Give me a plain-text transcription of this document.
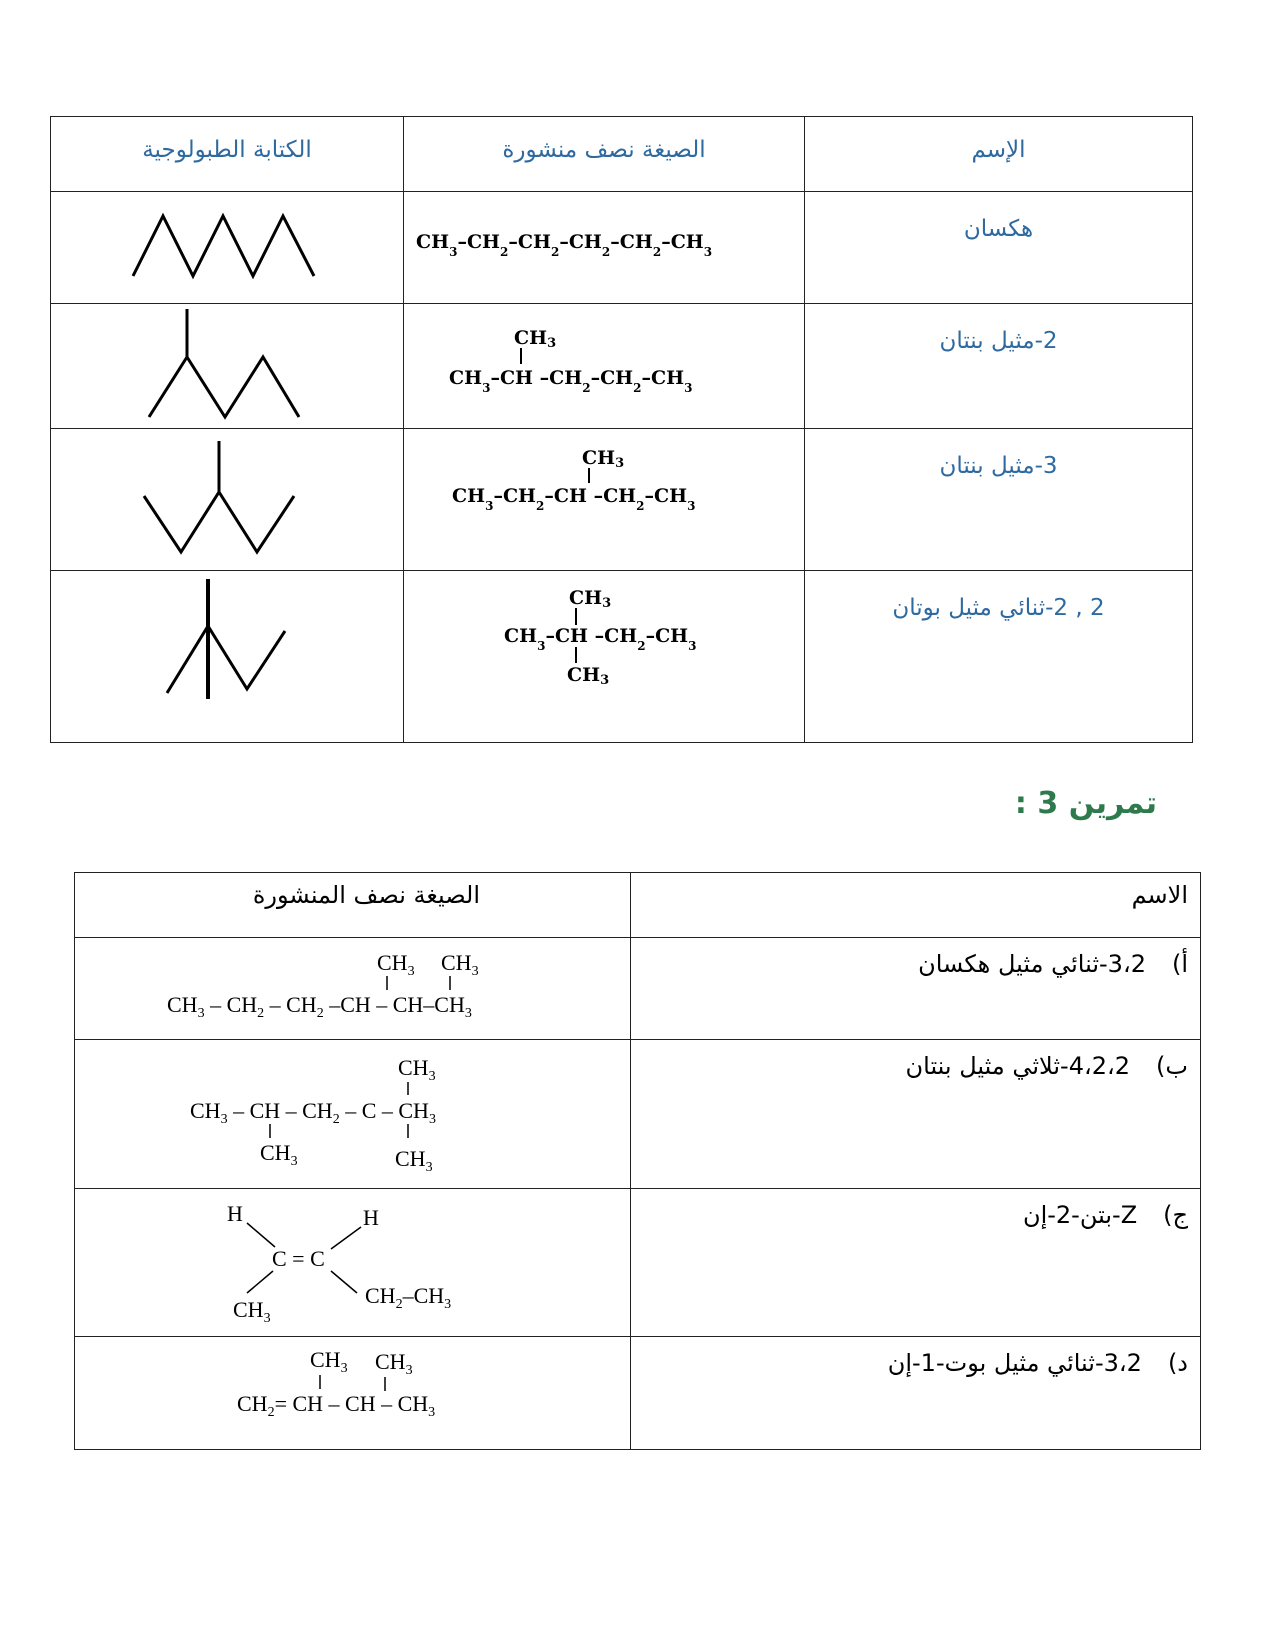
الكتابة الطبولوجية	الصيغة نصف منشورة	الإسم

$CH_3-CH_2-CH_2-CH_2-CH_2-CH_3$	هكسان

CH3
$CH_3-CH$ $-CH_2-CH_2-CH_3$	2-مثيل بنتان

CH3
$CH_3-CH_2-CH$ $-CH_2-CH_3$	3-مثيل بنتان

CH3
$CH_3-CH$ $-CH_2-CH_3$
CH3	2 , 2-ثنائي مثيل بوتان
تمرين 3 :
الصيغة نصف المنشورة	الاسم

$CH_3$ $CH_3$
$CH_3 - CH_2 - CH_2$ $-CH - CH-CH_3$	أ)3،2-ثنائي مثيل هكسان

$CH_3$
$CH_3$ – CH – $CH_2$ – C – $CH_3$
$CH_3$ $CH_3$	ب)4،2،2-ثلاثي مثيل بنتان

H H
C = C
$CH_3$
$CH_2-CH_3$	ج)Z-بتن-2-إن

$CH_3$ $CH_3$
$CH_2=$ CH – CH – $CH_3$	د)3،2-ثنائي مثيل بوت-1-إن
